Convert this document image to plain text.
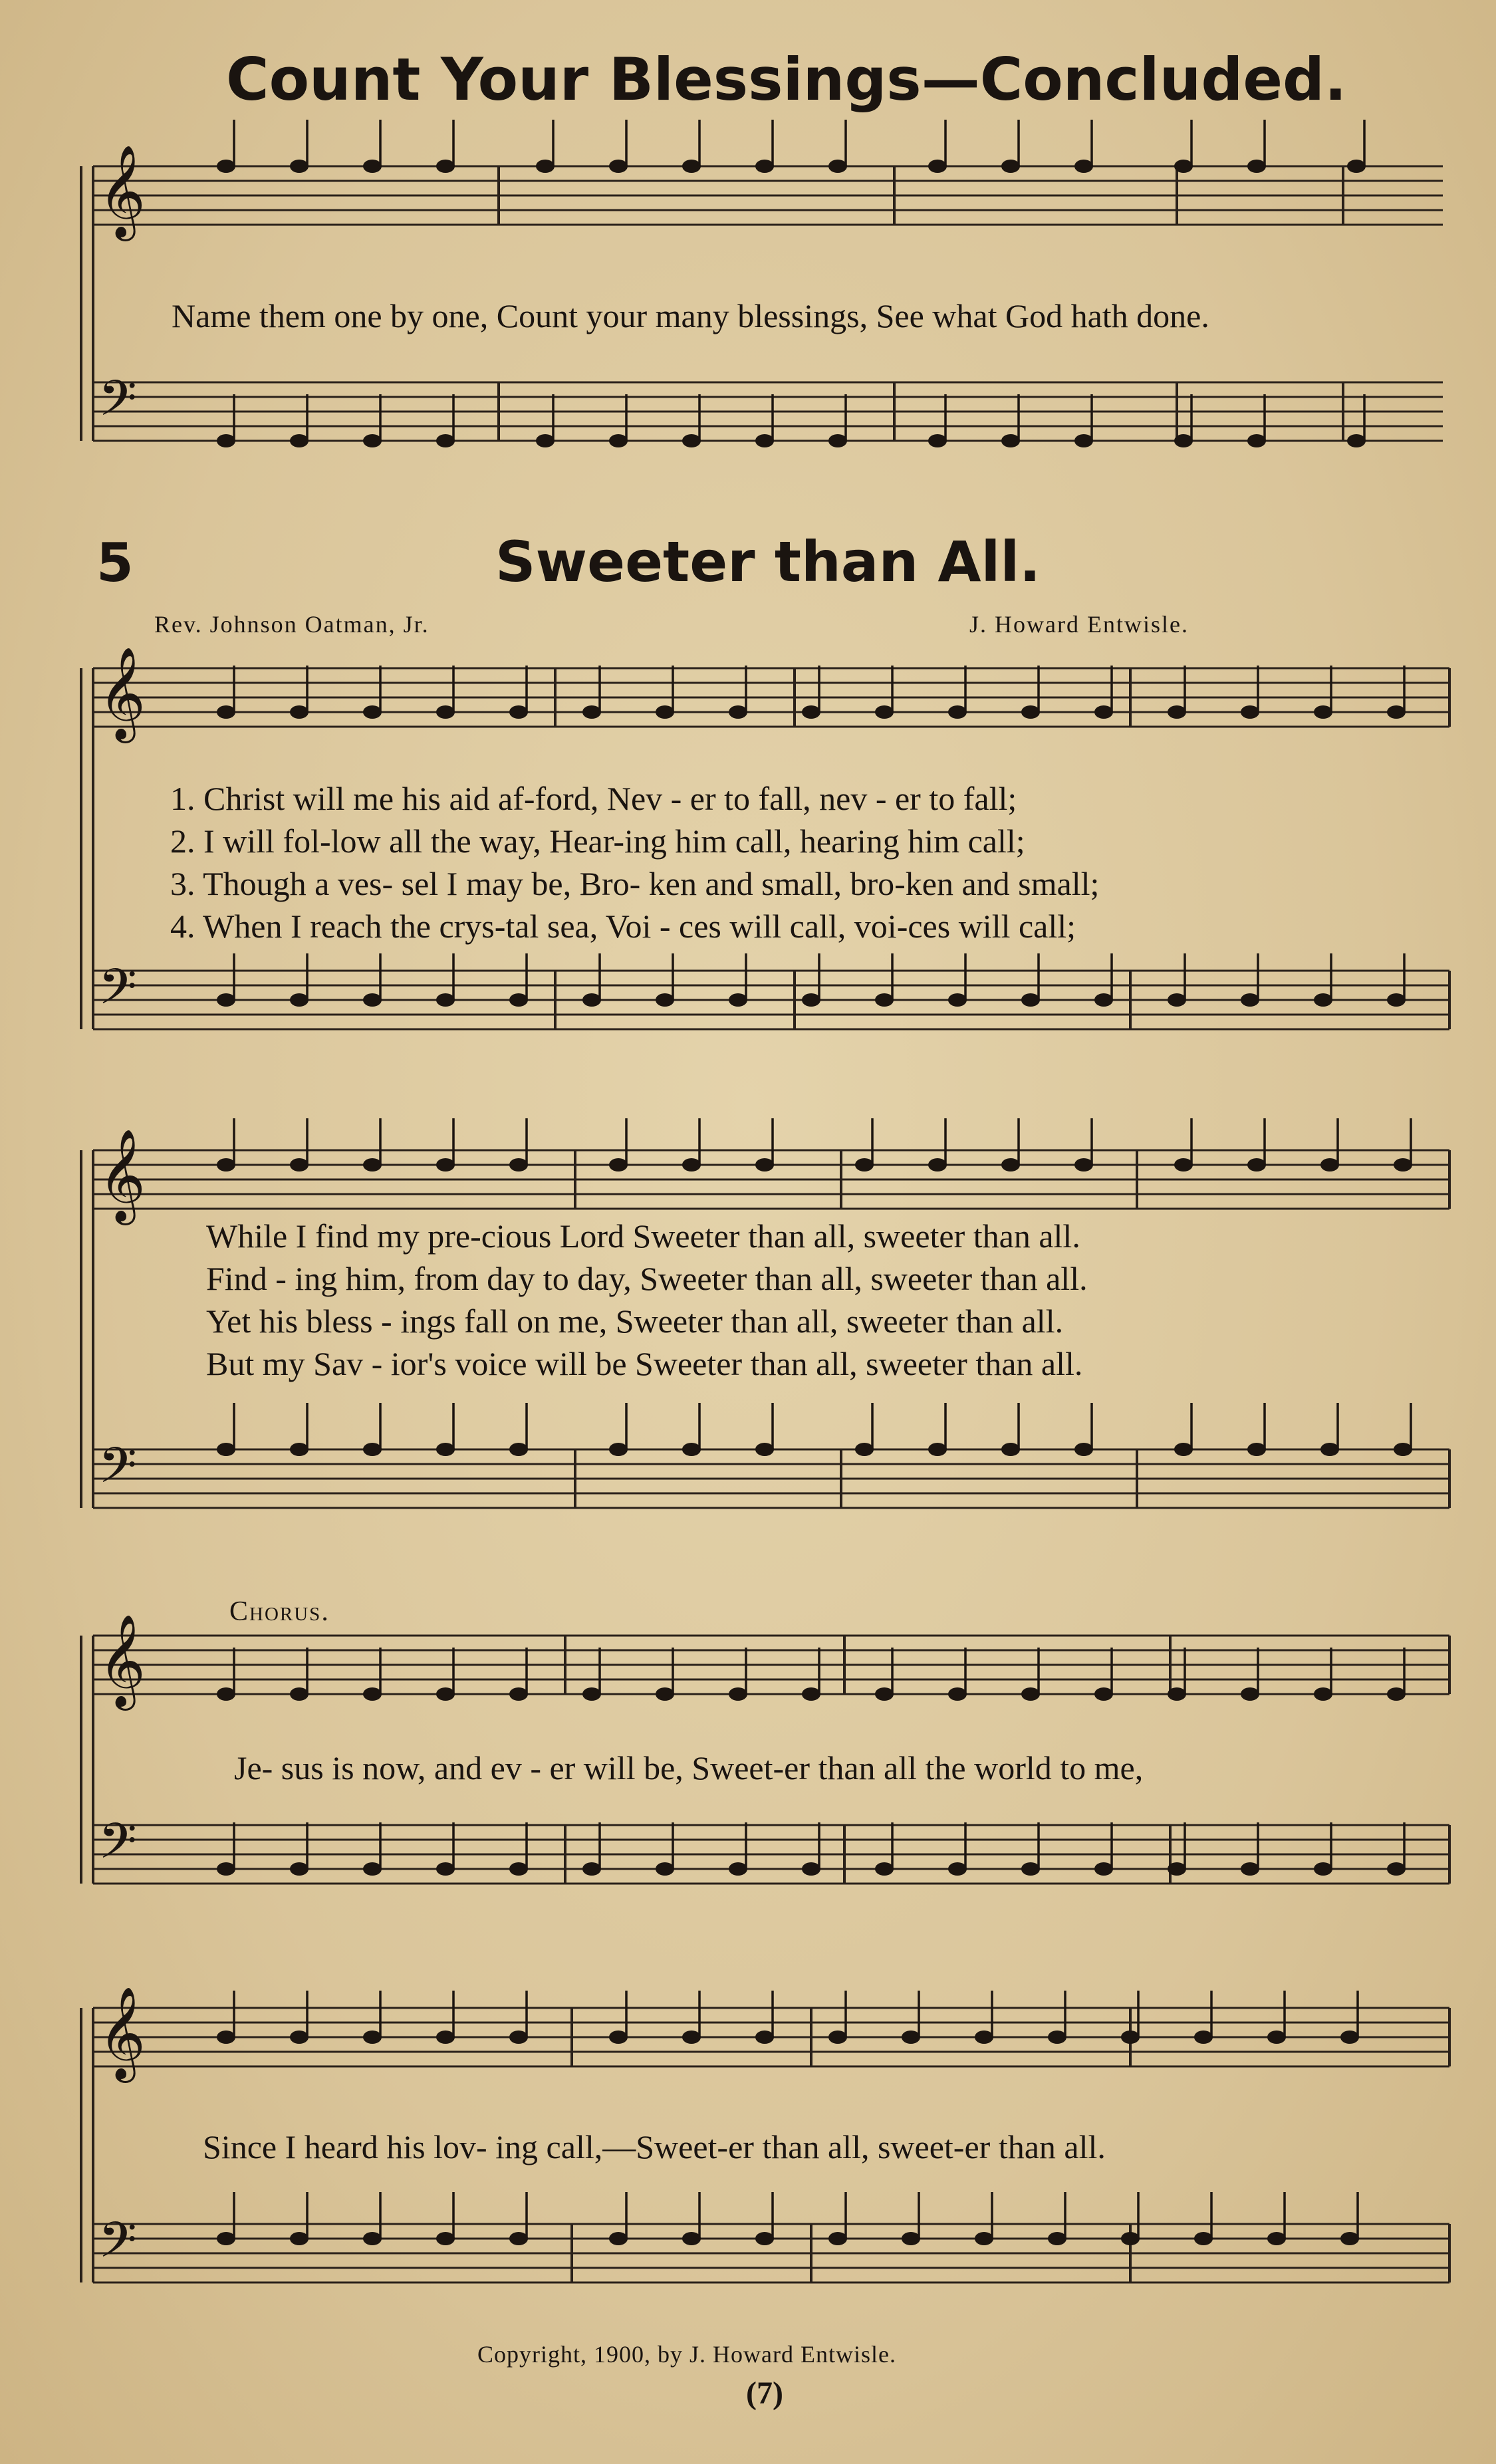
𝄞
𝄢
𝄞
𝄢
𝄞
𝄢
𝄞
𝄢
𝄞
𝄢
Count Your Blessings—Concluded.
Name them one by one, Count your many blessings, See what God hath done.
5	Sweeter than All.
Rev. Johnson Oatman, Jr.	J. Howard Entwisle.
1. Christ will me his aid af-ford, Nev - er to fall, nev - er to fall;
2. I will fol-low all the way, Hear-ing him call, hearing him call;
3. Though a ves- sel I may be, Bro- ken and small, bro-ken and small;
4. When I reach the crys-tal sea, Voi - ces will call, voi-ces will call;
While I find my pre-cious Lord Sweeter than all, sweeter than all.
Find - ing him, from day to day, Sweeter than all, sweeter than all.
Yet his bless - ings fall on me, Sweeter than all, sweeter than all.
But my Sav - ior's voice will be Sweeter than all, sweeter than all.
Chorus.
Je- sus is now, and ev - er will be, Sweet-er than all the world to me,
Since I heard his lov- ing call,—Sweet-er than all, sweet-er than all.
Copyright, 1900, by J. Howard Entwisle.
(7)
